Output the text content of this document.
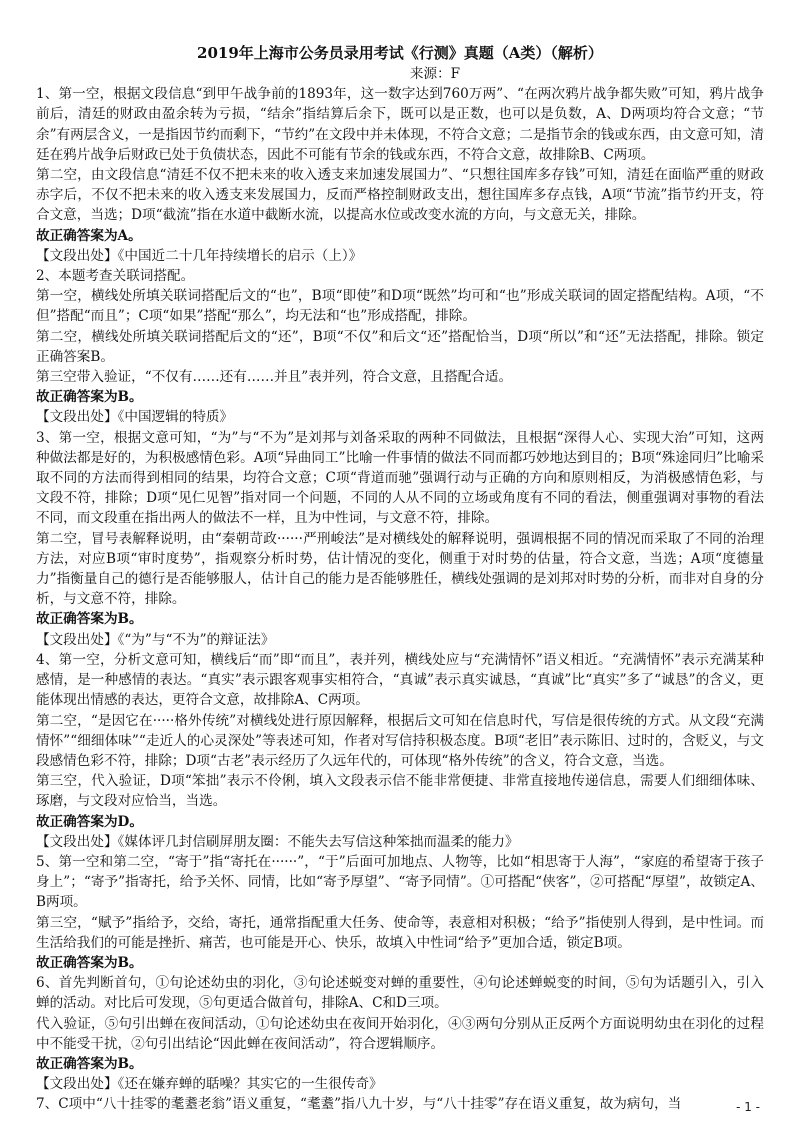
2019年上海市公务员录用考试《行测》真题（A类）（解析）

来源：F

1、第一空，根据文段信息“到甲午战争前的1893年，这一数字达到760万两”、“在两次鸦片战争都失败”可知，鸦片战争前后，清廷的财政由盈余转为亏损，“结余”指结算后余下，既可以是正数，也可以是负数，A、D两项均符合文意；“节余”有两层含义，一是指因节约而剩下，“节约”在文段中并未体现，不符合文意；二是指节余的钱或东西，由文意可知，清廷在鸦片战争后财政已处于负债状态，因此不可能有节余的钱或东西，不符合文意，故排除B、C两项。

第二空，由文段信息“清廷不仅不把未来的收入透支来加速发展国力”、“只想往国库多存钱”可知，清廷在面临严重的财政赤字后，不仅不把未来的收入透支来发展国力，反而严格控制财政支出，想往国库多存点钱，A项“节流”指节约开支，符合文意，当选；D项“截流”指在水道中截断水流，以提高水位或改变水流的方向，与文意无关，排除。

故正确答案为A。

【文段出处】《中国近二十几年持续增长的启示（上）》

2、本题考查关联词搭配。

第一空，横线处所填关联词搭配后文的“也”，B项“即使”和D项“既然”均可和“也”形成关联词的固定搭配结构。A项，“不但”搭配“而且”；C项“如果”搭配“那么”，均无法和“也”形成搭配，排除。

第二空，横线处所填关联词搭配后文的“还”，B项“不仅”和后文“还”搭配恰当，D项“所以”和“还”无法搭配，排除。锁定正确答案B。

第三空带入验证，“不仅有……还有……并且”表并列，符合文意，且搭配合适。

故正确答案为B。

【文段出处】《中国逻辑的特质》

3、第一空，根据文意可知，“为”与“不为”是刘邦与刘备采取的两种不同做法，且根据“深得人心、实现大治”可知，这两种做法都是好的，为积极感情色彩。A项“异曲同工”比喻一件事情的做法不同而都巧妙地达到目的；B项“殊途同归”比喻采取不同的方法而得到相同的结果，均符合文意；C项“背道而驰”强调行动与正确的方向和原则相反，为消极感情色彩，与文段不符，排除；D项“见仁见智”指对同一个问题，不同的人从不同的立场或角度有不同的看法，侧重强调对事物的看法不同，而文段重在指出两人的做法不一样，且为中性词，与文意不符，排除。

第二空，冒号表解释说明，由“秦朝苛政······严刑峻法”是对横线处的解释说明，强调根据不同的情况而采取了不同的治理方法，对应B项“审时度势”，指观察分析时势，估计情况的变化，侧重于对时势的估量，符合文意，当选；A项“度德量力”指衡量自己的德行是否能够服人，估计自己的能力是否能够胜任，横线处强调的是刘邦对时势的分析，而非对自身的分析，与文意不符，排除。

故正确答案为B。

【文段出处】《“为”与“不为”的辩证法》

4、第一空，分析文意可知，横线后“而”即“而且”，表并列，横线处应与“充满情怀”语义相近。“充满情怀”表示充满某种感情，是一种感情的表达。“真实”表示跟客观事实相符合，“真诚”表示真实诚恳，“真诚”比“真实”多了“诚恳”的含义，更能体现出情感的表达，更符合文意，故排除A、C两项。

第二空，“是因它在·····格外传统”对横线处进行原因解释，根据后文可知在信息时代，写信是很传统的方式。从文段“充满情怀”“细细体味”“走近人的心灵深处”等表述可知，作者对写信持积极态度。B项“老旧”表示陈旧、过时的，含贬义，与文段感情色彩不符，排除；D项“古老”表示经历了久远年代的，可体现“格外传统”的含义，符合文意，当选。

第三空，代入验证，D项“笨拙”表示不伶俐，填入文段表示信不能非常便捷、非常直接地传递信息，需要人们细细体味、琢磨，与文段对应恰当，当选。

故正确答案为D。

【文段出处】《媒体评几封信刷屏朋友圈：不能失去写信这种笨拙而温柔的能力》

5、第一空和第二空，“寄于”指“寄托在······”，“于”后面可加地点、人物等，比如“相思寄于人海”，“家庭的希望寄于孩子身上”；“寄予”指寄托，给予关怀、同情，比如“寄予厚望”、“寄予同情”。①可搭配“侠客”，②可搭配“厚望”，故锁定A、B两项。

第三空，“赋予”指给予，交给，寄托，通常指配重大任务、使命等，表意相对积极；“给予”指使别人得到，是中性词。而生活给我们的可能是挫折、痛苦，也可能是开心、快乐，故填入中性词“给予”更加合适，锁定B项。

故正确答案为B。

6、首先判断首句，①句论述幼虫的羽化，③句论述蜕变对蝉的重要性，④句论述蝉蜕变的时间，⑤句为话题引入，引入蝉的活动。对比后可发现，⑤句更适合做首句，排除A、C和D三项。

代入验证，⑤句引出蝉在夜间活动，①句论述幼虫在夜间开始羽化，④③两句分别从正反两个方面说明幼虫在羽化的过程中不能受干扰，②句引出结论“因此蝉在夜间活动”，符合逻辑顺序。

故正确答案为B。

【文段出处】《还在嫌弃蝉的聒噪？其实它的一生很传奇》

7、C项中“八十挂零的耄耋老翁”语义重复，“耄耋”指八九十岁，与“八十挂零”存在语义重复，故为病句，当	- 1 -
